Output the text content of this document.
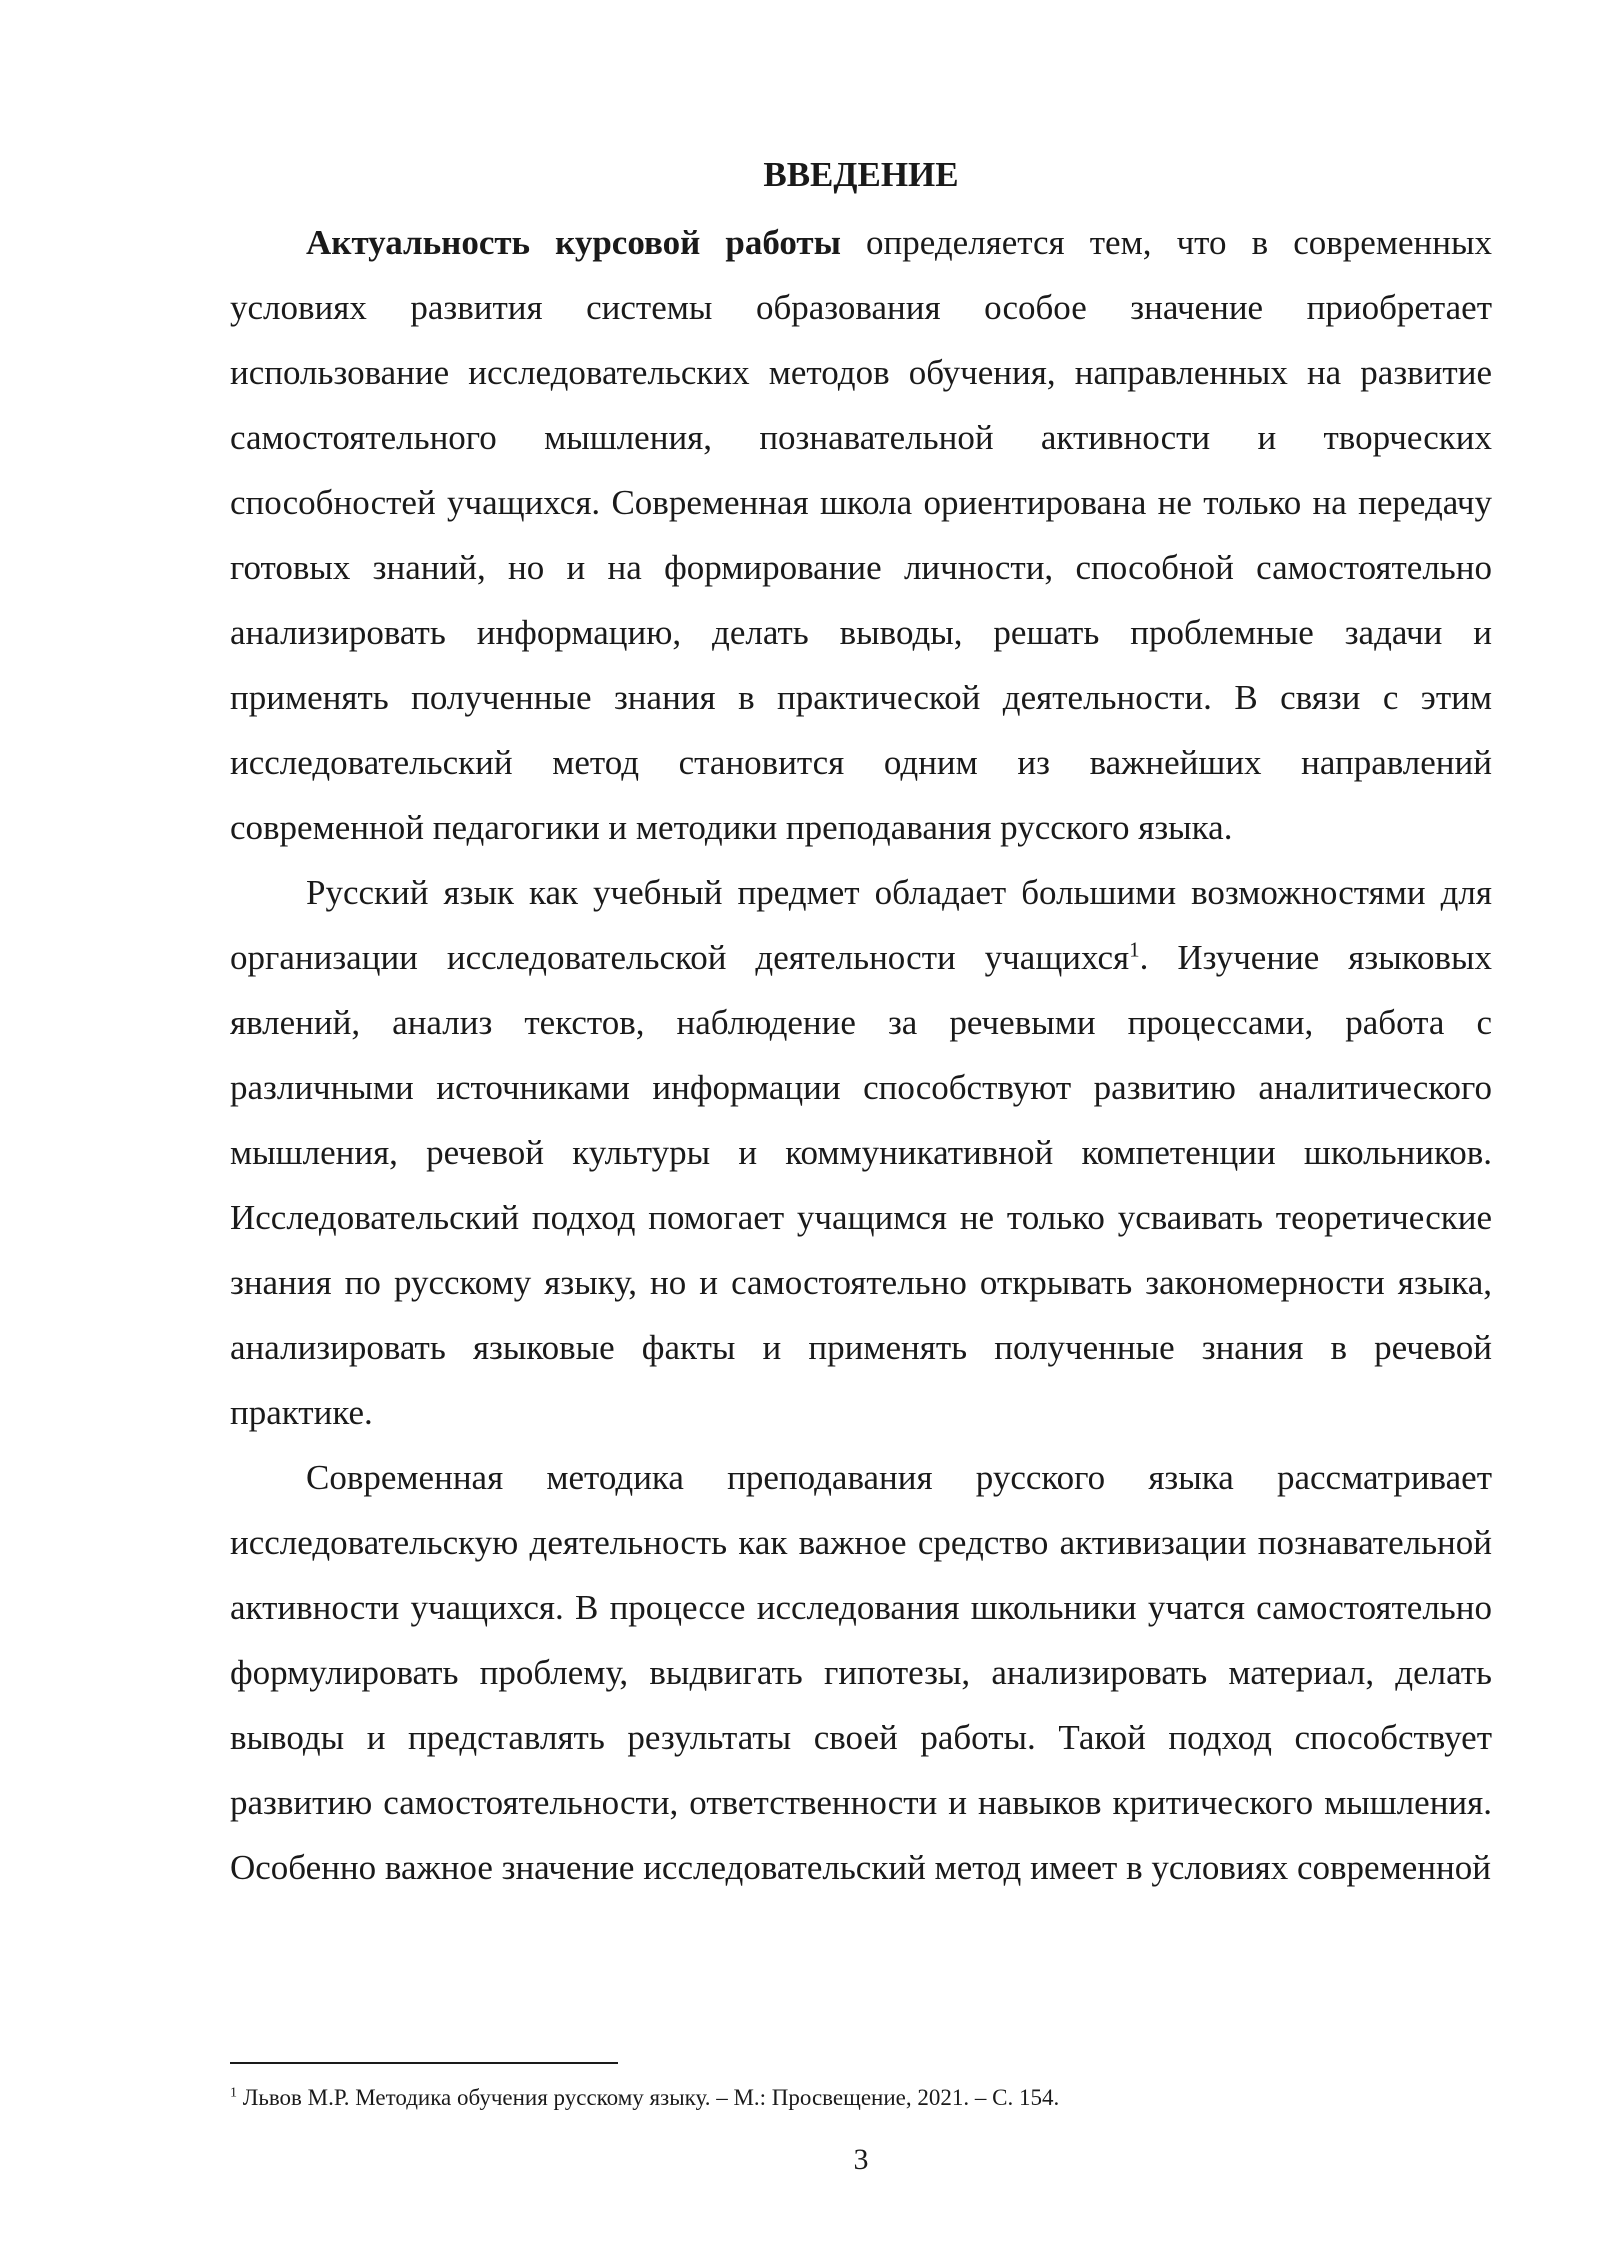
ВВЕДЕНИЕ

Актуальность курсовой работы определяется тем, что в современных условиях развития системы образования особое значение приобретает использование исследовательских методов обучения, направленных на развитие самостоятельного мышления, познавательной активности и творческих способностей учащихся. Современная школа ориентирована не только на передачу готовых знаний, но и на формирование личности, способной самостоятельно анализировать информацию, делать выводы, решать проблемные задачи и применять полученные знания в практической деятельности. В связи с этим исследовательский метод становится одним из важнейших направлений современной педагогики и методики преподавания русского языка.

Русский язык как учебный предмет обладает большими возможностями для организации исследовательской деятельности учащихся$^1$. Изучение языковых явлений, анализ текстов, наблюдение за речевыми процессами, работа с различными источниками информации способствуют развитию аналитического мышления, речевой культуры и коммуникативной компетенции школьников. Исследовательский подход помогает учащимся не только усваивать теоретические знания по русскому языку, но и самостоятельно открывать закономерности языка, анализировать языковые факты и применять полученные знания в речевой практике.

Современная методика преподавания русского языка рассматривает исследовательскую деятельность как важное средство активизации познавательной активности учащихся. В процессе исследования школьники учатся самостоятельно формулировать проблему, выдвигать гипотезы, анализировать материал, делать выводы и представлять результаты своей работы. Такой подход способствует развитию самостоятельности, ответственности и навыков критического мышления. Особенно важное значение исследовательский метод имеет в условиях современной

$^1$ Львов М.Р. Методика обучения русскому языку. – М.: Просвещение, 2021. – С. 154.

3
